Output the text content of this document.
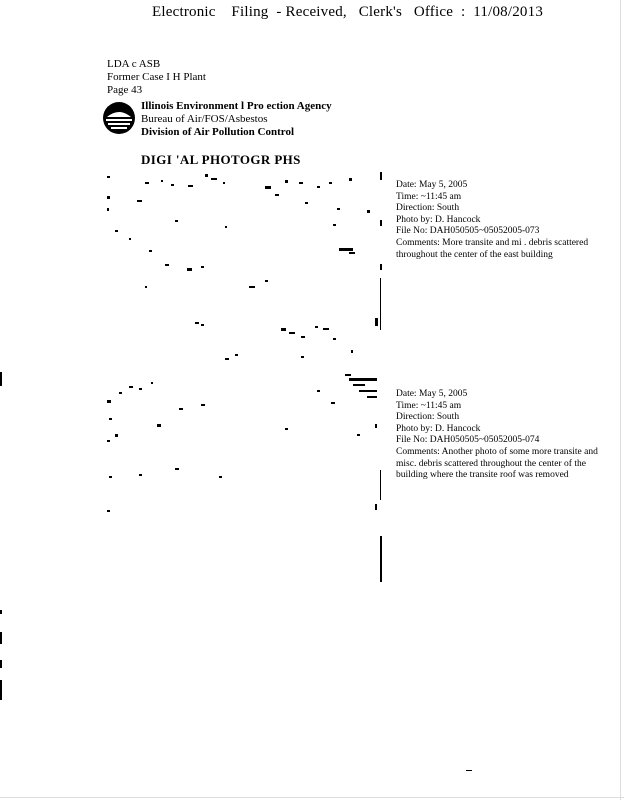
Electronic    Filing  - Received,   Clerk's   Office  :  11/08/2013
LDA c ASB
Former Case I H Plant
Page 43
Illinois Environment l Pro ection Agency
Bureau of Air/FOS/Asbestos
Division of Air Pollution Control
DIGI 'AL PHOTOGR PHS
Date: May 5, 2005
Time: ~11:45 am
Direction: South
Photo by: D. Hancock
File No: DAH050505~05052005-073
Comments: More transite and mi . debris scattered throughout the center of the east building
Date: May 5, 2005
Time: ~11:45 am
Direction: South
Photo by: D. Hancock
File No: DAH050505~05052005-074
Comments: Another photo of some more transite and misc. debris scattered throughout the center of the building where the transite roof was removed
